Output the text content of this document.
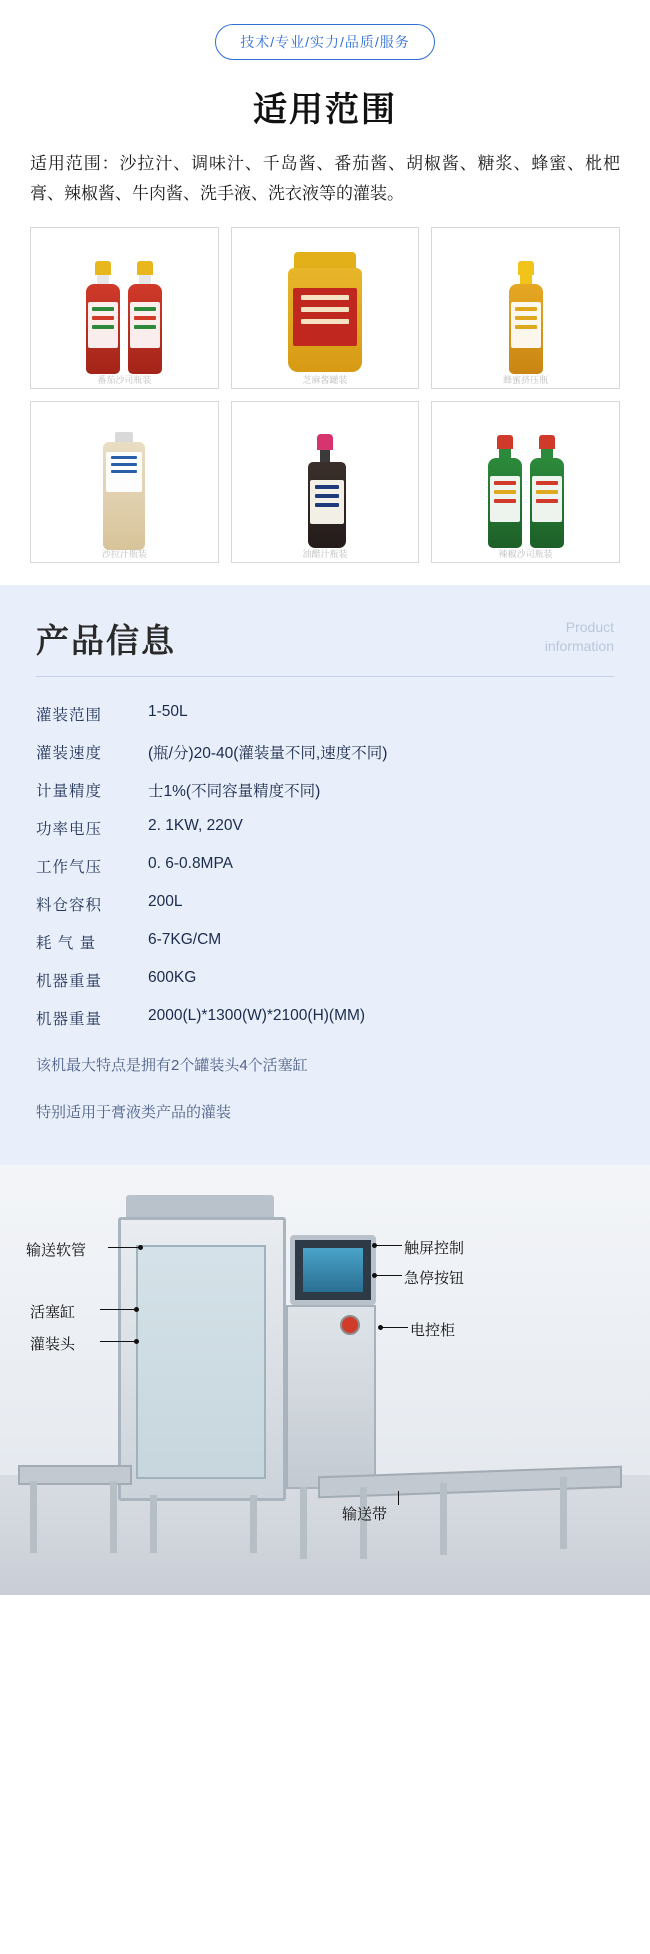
技术/专业/实力/品质/服务
适用范围

适用范围：沙拉汁、调味汁、千岛酱、番茄酱、胡椒酱、糖浆、蜂蜜、枇杷膏、辣椒酱、牛肉酱、洗手液、洗衣液等的灌装。

番茄沙司瓶装	芝麻酱罐装	蜂蜜挤压瓶
沙拉汁瓶装	油醋汁瓶装	辣椒沙司瓶装
产品信息	Product
information
灌装范围	1-50L
灌装速度	(瓶/分)20-40(灌装量不同,速度不同)
计量精度	士1%(不同容量精度不同)
功率电压	2. 1KW, 220V
工作气压	0. 6-0.8MPA
料仓容积	200L
耗 气 量	6-7KG/CM
机器重量	600KG
机器重量	2000(L)*1300(W)*2100(H)(MM)
该机最大特点是拥有2个罐装头4个活塞缸
特别适用于膏液类产品的灌装
输送软管
活塞缸
灌装头
触屏控制
急停按钮
电控柜
输送带
